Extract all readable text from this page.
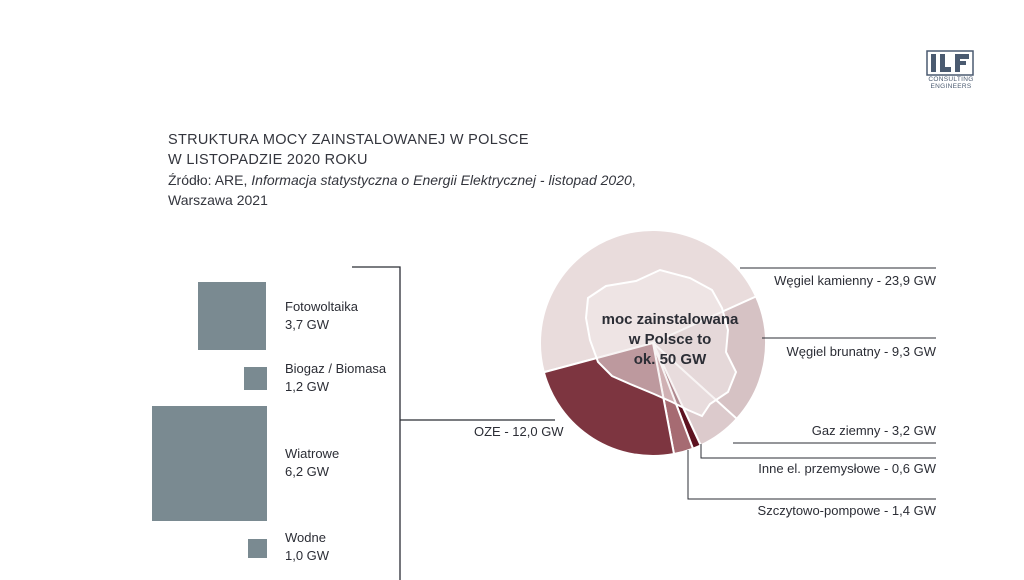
CONSULTING
ENGINEERS
STRUKTURA MOCY ZAINSTALOWANEJ W POLSCE
W LISTOPADZIE 2020 ROKU
Źródło: ARE, Informacja statystyczna o Energii Elektrycznej - listopad 2020,
Warszawa 2021
Fotowoltaika
3,7 GW
Biogaz / Biomasa
1,2 GW
Wiatrowe
6,2 GW
Wodne
1,0 GW
moc zainstalowana
w Polsce to
ok. 50 GW
Węgiel kamienny - 23,9 GW
Węgiel brunatny - 9,3 GW
Gaz ziemny - 3,2 GW
Inne el. przemysłowe - 0,6 GW
Szczytowo-pompowe - 1,4 GW
OZE - 12,0 GW
